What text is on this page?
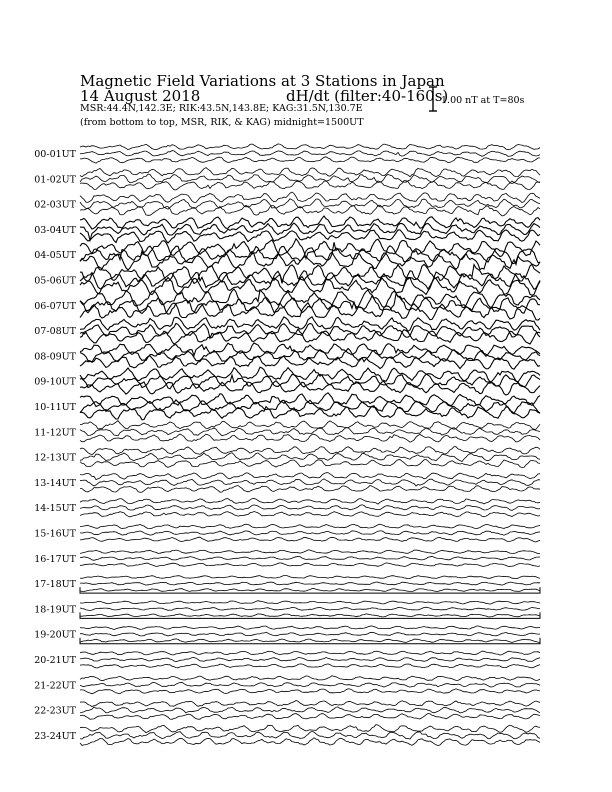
Magnetic Field Variations at 3 Stations in Japan
14 August 2018	dH/dt (filter:40-160s)
MSR:44.4N,142.3E; RIK:43.5N,143.8E; KAG:31.5N,130.7E
(from bottom to top, MSR, RIK, & KAG) midnight=1500UT
1.00 nT at T=80s
00-01UT
01-02UT
02-03UT
03-04UT
04-05UT
05-06UT
06-07UT
07-08UT
08-09UT
09-10UT
10-11UT
11-12UT
12-13UT
13-14UT
14-15UT
15-16UT
16-17UT
17-18UT
18-19UT
19-20UT
20-21UT
21-22UT
22-23UT
23-24UT
